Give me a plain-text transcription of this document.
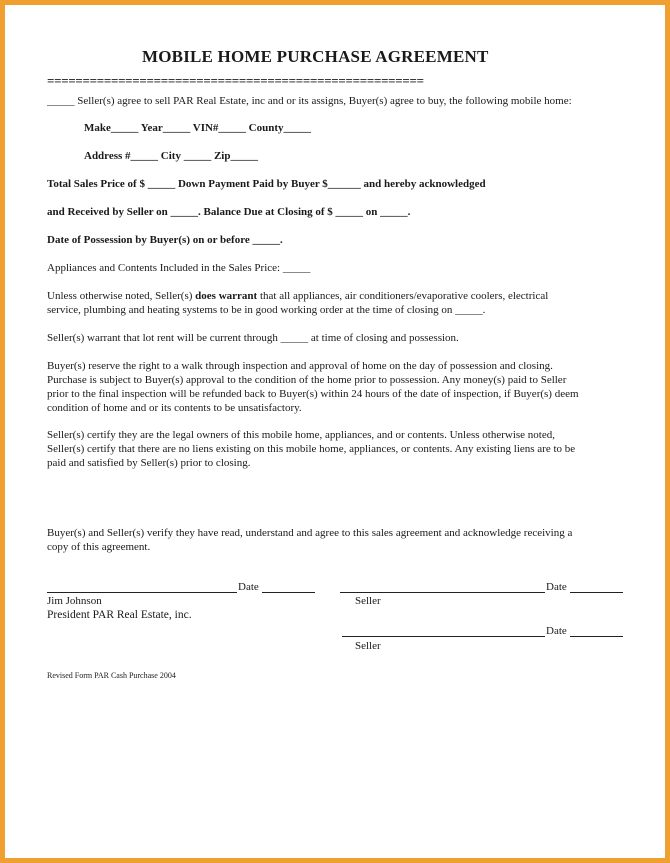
MOBILE HOME PURCHASE AGREEMENT
=====================================================
_____ Seller(s) agree to sell PAR Real Estate, inc and or its assigns, Buyer(s) agree to buy, the following mobile home:
Make_____ Year_____ VIN#_____ County_____
Address #_____ City _____ Zip_____
Total Sales Price of $ _____ Down Payment Paid by Buyer $______ and hereby acknowledged
and Received by Seller on _____. Balance Due at Closing of $ _____ on _____.
Date of Possession by Buyer(s) on or before _____.
Appliances and Contents Included in the Sales Price: _____
Unless otherwise noted, Seller(s) does warrant that all appliances, air conditioners/evaporative coolers, electrical
service, plumbing and heating systems to be in good working order at the time of closing on _____.
Seller(s) warrant that lot rent will be current through _____ at time of closing and possession.
Buyer(s) reserve the right to a walk through inspection and approval of home on the day of possession and closing.
Purchase is subject to Buyer(s) approval to the condition of the home prior to possession. Any money(s) paid to Seller
prior to the final inspection will be refunded back to Buyer(s) within 24 hours of the date of inspection, if Buyer(s) deem
condition of home and or its contents to be unsatisfactory.
Seller(s) certify they are the legal owners of this mobile home, appliances, and or contents. Unless otherwise noted,
Seller(s) certify that there are no liens existing on this mobile home, appliances, or contents. Any existing liens are to be
paid and satisfied by Seller(s) prior to closing.
Buyer(s) and Seller(s) verify they have read, understand and agree to this sales agreement and acknowledge receiving a
copy of this agreement.
Date
Jim Johnson
President PAR Real Estate, inc.
Date
Seller
Date
Seller
Revised Form PAR Cash Purchase 2004
